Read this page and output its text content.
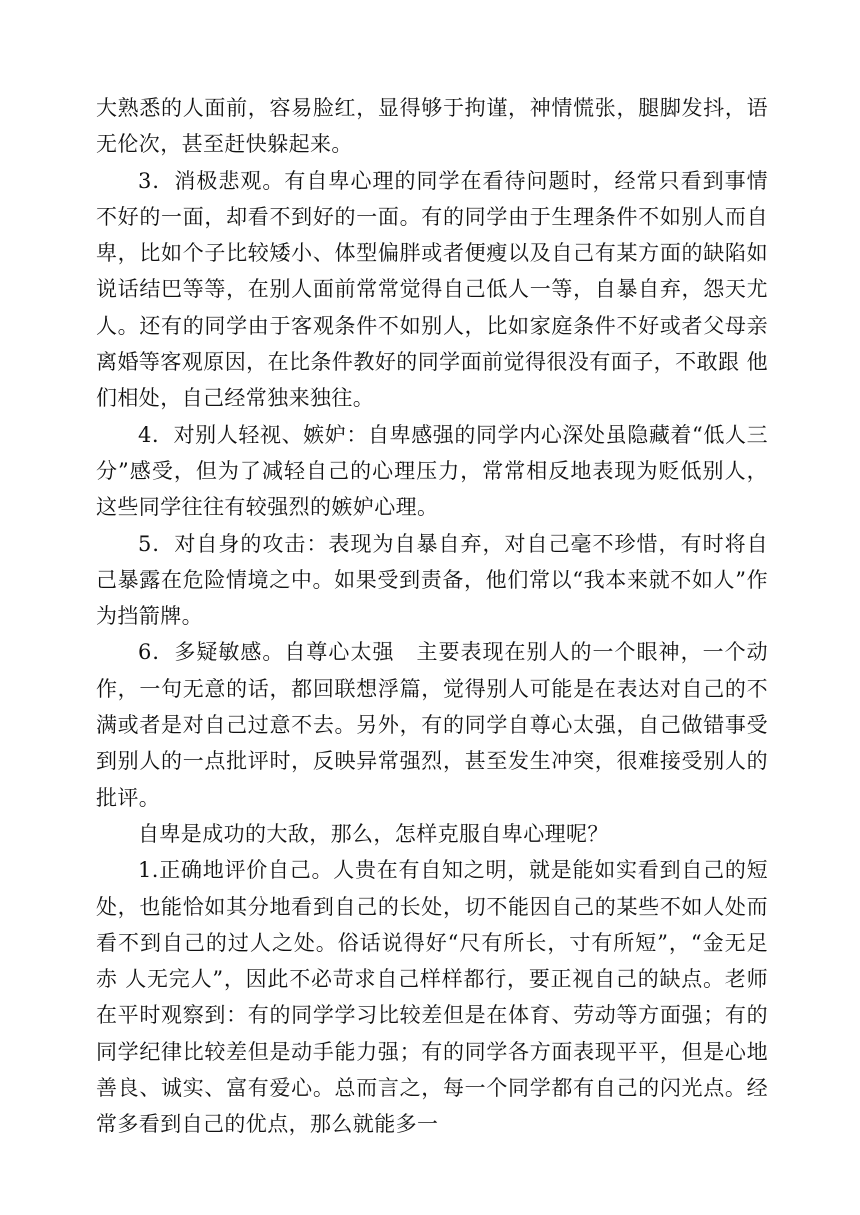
大熟悉的人面前，容易脸红，显得够于拘谨，神情慌张，腿脚发抖，语无伦次，甚至赶快躲起来。

3．消极悲观。有自卑心理的同学在看待问题时，经常只看到事情不好的一面，却看不到好的一面。有的同学由于生理条件不如别人而自卑，比如个子比较矮小、体型偏胖或者便瘦以及自己有某方面的缺陷如说话结巴等等，在别人面前常常觉得自己低人一等，自暴自弃，怨天尤人。还有的同学由于客观条件不如别人，比如家庭条件不好或者父母亲离婚等客观原因，在比条件教好的同学面前觉得很没有面子，不敢跟 他们相处，自己经常独来独往。

4．对别人轻视、嫉妒：自卑感强的同学内心深处虽隐藏着“低人三分”感受，但为了减轻自己的心理压力，常常相反地表现为贬低别人，这些同学往往有较强烈的嫉妒心理。

5．对自身的攻击：表现为自暴自弃，对自己毫不珍惜，有时将自己暴露在危险情境之中。如果受到责备，他们常以“我本来就不如人”作为挡箭牌。

6．多疑敏感。自尊心太强　主要表现在别人的一个眼神，一个动作，一句无意的话，都回联想浮篇，觉得别人可能是在表达对自己的不满或者是对自己过意不去。另外，有的同学自尊心太强，自己做错事受到别人的一点批评时，反映异常强烈，甚至发生冲突，很难接受别人的批评。

自卑是成功的大敌，那么，怎样克服自卑心理呢？

1.正确地评价自己。人贵在有自知之明，就是能如实看到自己的短处，也能恰如其分地看到自己的长处，切不能因自己的某些不如人处而看不到自己的过人之处。俗话说得好“尺有所长，寸有所短”，“金无足赤 人无完人”，因此不必苛求自己样样都行，要正视自己的缺点。老师在平时观察到：有的同学学习比较差但是在体育、劳动等方面强；有的同学纪律比较差但是动手能力强；有的同学各方面表现平平，但是心地善良、诚实、富有爱心。总而言之，每一个同学都有自己的闪光点。经常多看到自己的优点，那么就能多一
